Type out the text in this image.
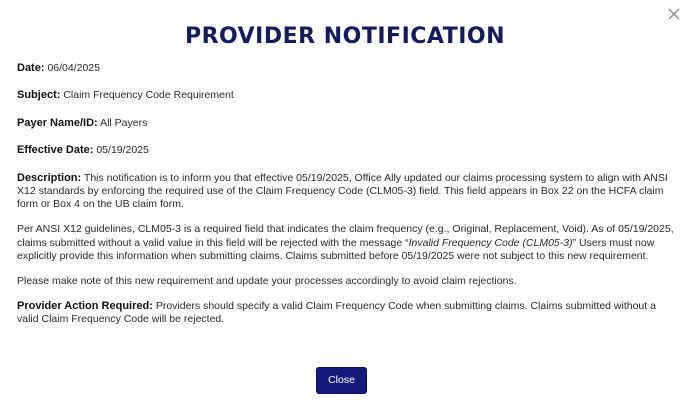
PROVIDER NOTIFICATION
Date: 06/04/2025
Subject: Claim Frequency Code Requirement
Payer Name/ID: All Payers
Effective Date: 05/19/2025
Description: This notification is to inform you that effective 05/19/2025, Office Ally updated our claims processing system to align with ANSI X12 standards by enforcing the required use of the Claim Frequency Code (CLM05-3) field. This field appears in Box 22 on the HCFA claim form or Box 4 on the UB claim form.
Per ANSI X12 guidelines, CLM05-3 is a required field that indicates the claim frequency (e.g., Original, Replacement, Void). As of 05/19/2025, claims submitted without a valid value in this field will be rejected with the message “Invalid Frequency Code (CLM05-3)” Users must now explicitly provide this information when submitting claims. Claims submitted before 05/19/2025 were not subject to this new requirement.
Please make note of this new requirement and update your processes accordingly to avoid claim rejections.
Provider Action Required: Providers should specify a valid Claim Frequency Code when submitting claims. Claims submitted without a valid Claim Frequency Code will be rejected.
Close
